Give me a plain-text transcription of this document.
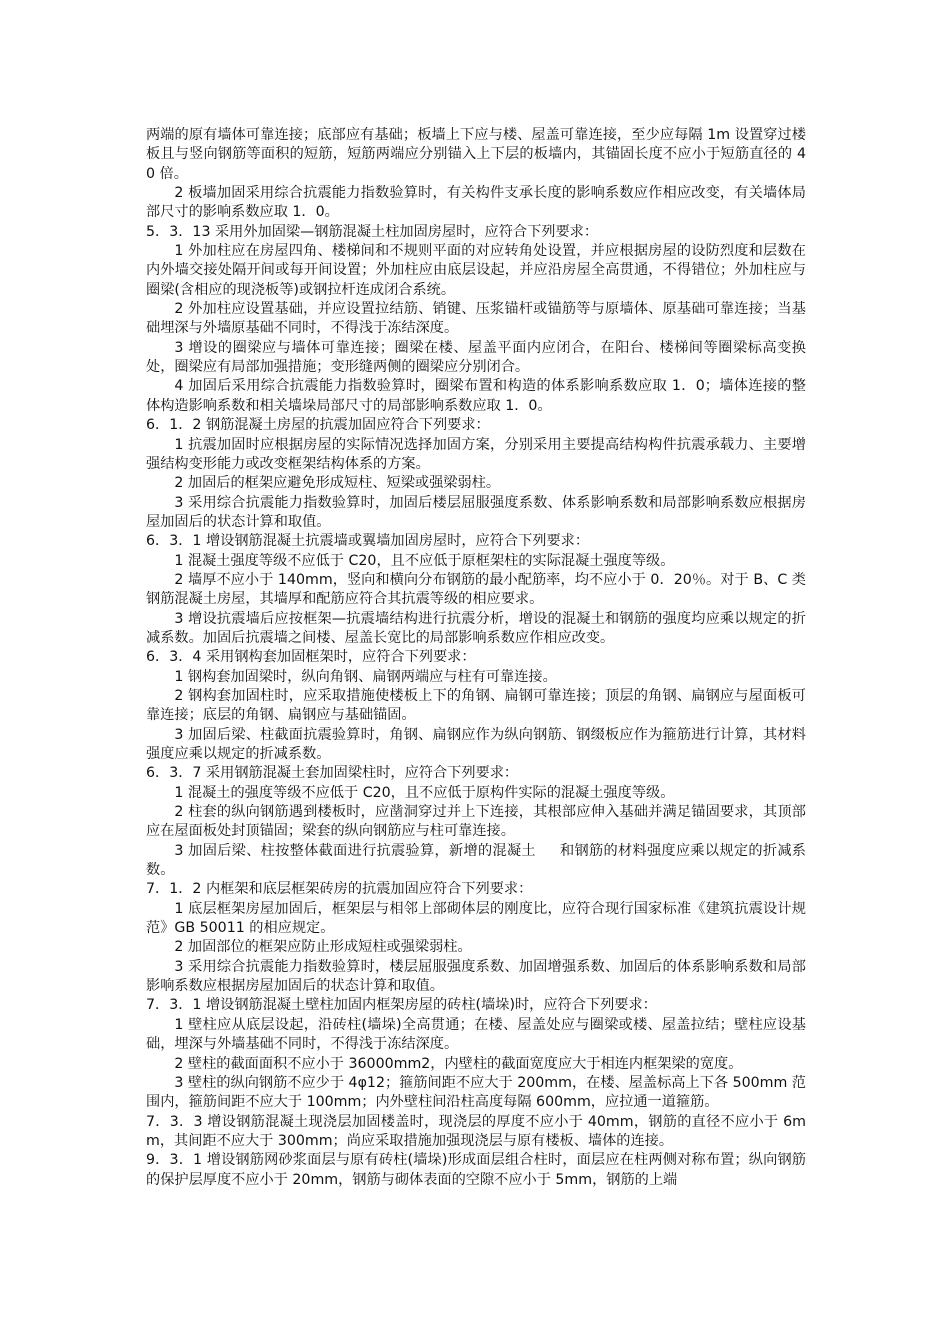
两端的原有墙体可靠连接；底部应有基础；板墙上下应与楼、屋盖可靠连接，至少应每隔 1m 设置穿过楼板且与竖向钢筋等面积的短筋，短筋两端应分别锚入上下层的板墙内，其锚固长度不应小于短筋直径的 40 倍。

2 板墙加固采用综合抗震能力指数验算时，有关构件支承长度的影响系数应作相应改变，有关墙体局部尺寸的影响系数应取 1．0。

5．3．13 采用外加固梁—钢筋混凝土柱加固房屋时，应符合下列要求：

1 外加柱应在房屋四角、楼梯间和不规则平面的对应转角处设置，并应根据房屋的设防烈度和层数在内外墙交接处隔开间或每开间设置；外加柱应由底层设起，并应沿房屋全高贯通，不得错位；外加柱应与圈梁(含相应的现浇板等)或钢拉杆连成闭合系统。

2 外加柱应设置基础，并应设置拉结筋、销键、压浆锚杆或锚筋等与原墙体、原基础可靠连接；当基础埋深与外墙原基础不同时，不得浅于冻结深度。

3 增设的圈梁应与墙体可靠连接；圈梁在楼、屋盖平面内应闭合，在阳台、楼梯间等圈梁标高变换处，圈梁应有局部加强措施；变形缝两侧的圈梁应分别闭合。

4 加固后采用综合抗震能力指数验算时，圈梁布置和构造的体系影响系数应取 1．0；墙体连接的整体构造影响系数和相关墙垛局部尺寸的局部影响系数应取 1．0。

6．1．2 钢筋混凝土房屋的抗震加固应符合下列要求：

1 抗震加固时应根据房屋的实际情况选择加固方案，分别采用主要提高结构构件抗震承载力、主要增强结构变形能力或改变框架结构体系的方案。

2 加固后的框架应避免形成短柱、短梁或强梁弱柱。

3 采用综合抗震能力指数验算时，加固后楼层屈服强度系数、体系影响系数和局部影响系数应根据房屋加固后的状态计算和取值。

6．3．1 增设钢筋混凝土抗震墙或翼墙加固房屋时，应符合下列要求：

1 混凝土强度等级不应低于 C20，且不应低于原框架柱的实际混凝土强度等级。

2 墙厚不应小于 140mm，竖向和横向分布钢筋的最小配筋率，均不应小于 0．20％。对于 B、C 类钢筋混凝土房屋，其墙厚和配筋应符合其抗震等级的相应要求。

3 增设抗震墙后应按框架—抗震墙结构进行抗震分析，增设的混凝土和钢筋的强度均应乘以规定的折减系数。加固后抗震墙之间楼、屋盖长宽比的局部影响系数应作相应改变。

6．3．4 采用钢构套加固框架时，应符合下列要求：

1 钢构套加固梁时，纵向角钢、扁钢两端应与柱有可靠连接。

2 钢构套加固柱时，应采取措施使楼板上下的角钢、扁钢可靠连接；顶层的角钢、扁钢应与屋面板可靠连接；底层的角钢、扁钢应与基础锚固。

3 加固后梁、柱截面抗震验算时，角钢、扁钢应作为纵向钢筋、钢缀板应作为箍筋进行计算，其材料强度应乘以规定的折减系数。

6．3．7 采用钢筋混凝土套加固梁柱时，应符合下列要求：

1 混凝土的强度等级不应低于 C20，且不应低于原构件实际的混凝土强度等级。

2 柱套的纵向钢筋遇到楼板时，应凿洞穿过并上下连接，其根部应伸入基础并满足锚固要求，其顶部应在屋面板处封顶锚固；梁套的纵向钢筋应与柱可靠连接。

3 加固后梁、柱按整体截面进行抗震验算，新增的混凝土 　 和钢筋的材料强度应乘以规定的折减系数。

7．1．2 内框架和底层框架砖房的抗震加固应符合下列要求：

1 底层框架房屋加固后，框架层与相邻上部砌体层的刚度比，应符合现行国家标准《建筑抗震设计规范》GB 50011 的相应规定。

2 加固部位的框架应防止形成短柱或强梁弱柱。

3 采用综合抗震能力指数验算时，楼层屈服强度系数、加固增强系数、加固后的体系影响系数和局部影响系数应根据房屋加固后的状态计算和取值。

7．3．1 增设钢筋混凝土壁柱加固内框架房屋的砖柱(墙垛)时，应符合下列要求：

1 壁柱应从底层设起，沿砖柱(墙垛)全高贯通；在楼、屋盖处应与圈梁或楼、屋盖拉结；壁柱应设基础，埋深与外墙基础不同时，不得浅于冻结深度。

2 壁柱的截面面积不应小于 36000mm2，内壁柱的截面宽度应大于相连内框架梁的宽度。

3 壁柱的纵向钢筋不应少于 4φ12；箍筋间距不应大于 200mm，在楼、屋盖标高上下各 500mm 范围内，箍筋间距不应大于 100mm；内外壁柱间沿柱高度每隔 600mm，应拉通一道箍筋。

7．3．3 增设钢筋混凝土现浇层加固楼盖时，现浇层的厚度不应小于 40mm，钢筋的直径不应小于 6mm，其间距不应大于 300mm；尚应采取措施加强现浇层与原有楼板、墙体的连接。

9．3．1 增设钢筋网砂浆面层与原有砖柱(墙垛)形成面层组合柱时，面层应在柱两侧对称布置；纵向钢筋的保护层厚度不应小于 20mm，钢筋与砌体表面的空隙不应小于 5mm，钢筋的上端
